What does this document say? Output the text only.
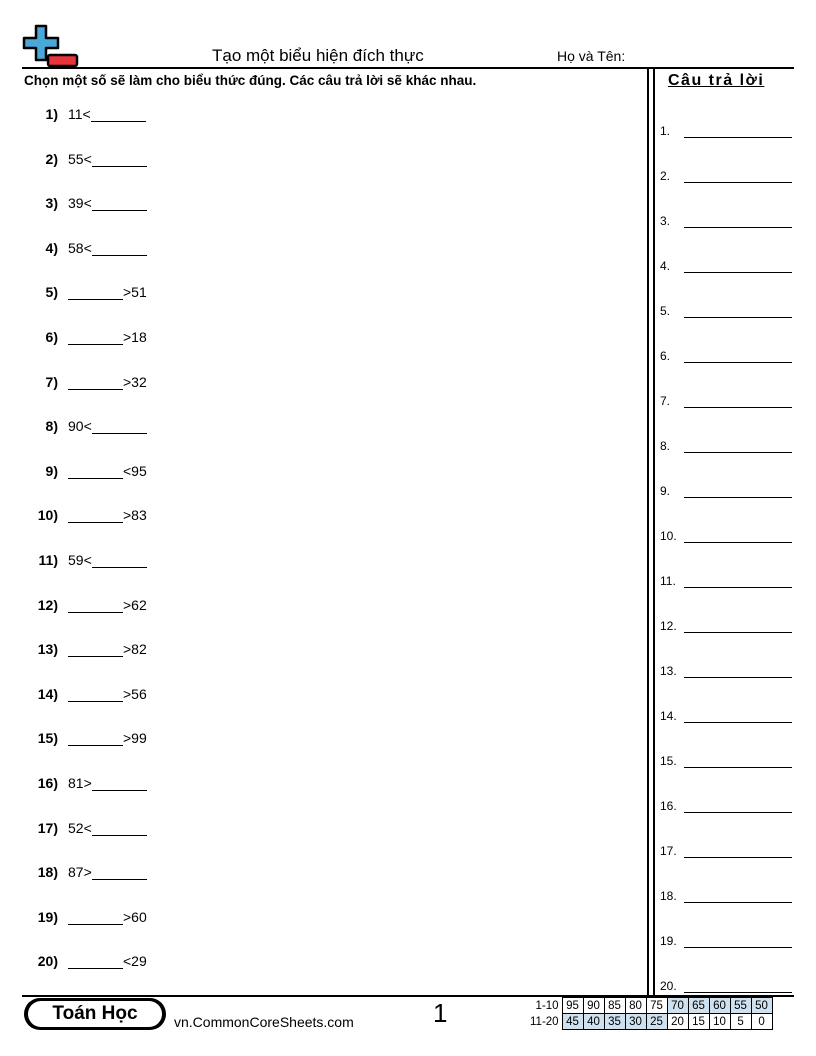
Tạo một biểu hiện đích thực	Họ và Tên:
Chọn một số sẽ làm cho biểu thức đúng. Các câu trả lời sẽ khác nhau.
1) 11<
2) 55<
3) 39<
4) 58<
5)	>51
6)	>18
7)	>32
8) 90<
9)	<95
10)	>83
11) 59<
12)	>62
13)	>82
14)	>56
15)	>99
16) 81>
17) 52<
18) 87>
19)	>60
20)	<29
Câu trả lời
1.
2.
3.
4.
5.
6.
7.
8.
9.
10.
11.
12.
13.
14.
15.
16.
17.
18.
19.
20.
Toán Học	vn.CommonCoreSheets.com	1	1-10	95	90	85	80	75	70	65	60	55	50
11-20	45	40	35	30	25	20	15	10	5	0
